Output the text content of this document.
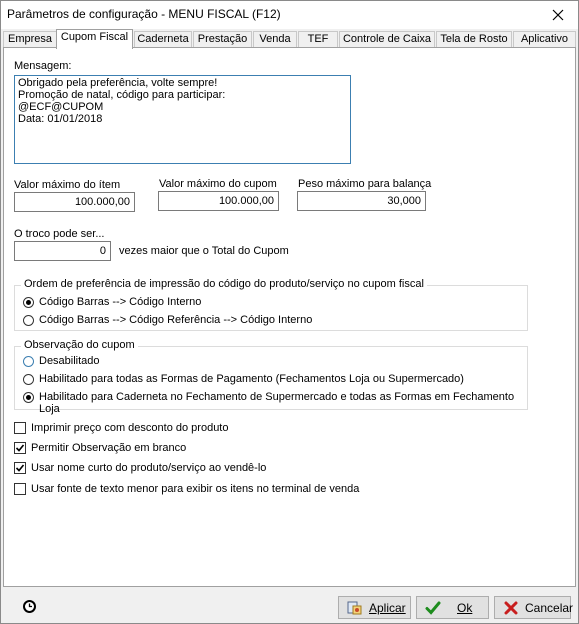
Parâmetros de configuração - MENU FISCAL (F12)
Empresa Cupom Fiscal Caderneta Prestação	Venda	TEF	Controle de Caixa Tela de Rosto	Aplicativo
Mensagem:
Obrigado pela preferência, volte sempre!
Promoção de natal, código para participar:
@ECF@CUPOM
Data: 01/01/2018
Valor máximo do ítem
100.000,00
Valor máximo do cupom
100.000,00
Peso máximo para balança
30,000
O troco pode ser...
0	vezes maior que o Total do Cupom
Ordem de preferência de impressão do código do produto/serviço no cupom fiscal
Código Barras --> Código Interno
Código Barras --> Código Referência --> Código Interno
Observação do cupom
Desabilitado
Habilitado para todas as Formas de Pagamento (Fechamentos Loja ou Supermercado)
Habilitado para Caderneta no Fechamento de Supermercado e todas as Formas em Fechamento Loja
Imprimir preço com desconto do produto
Permitir Observação em branco
Usar nome curto do produto/serviço ao vendê-lo
Usar fonte de texto menor para exibir os itens no terminal de venda
Aplicar	Ok	Cancelar
